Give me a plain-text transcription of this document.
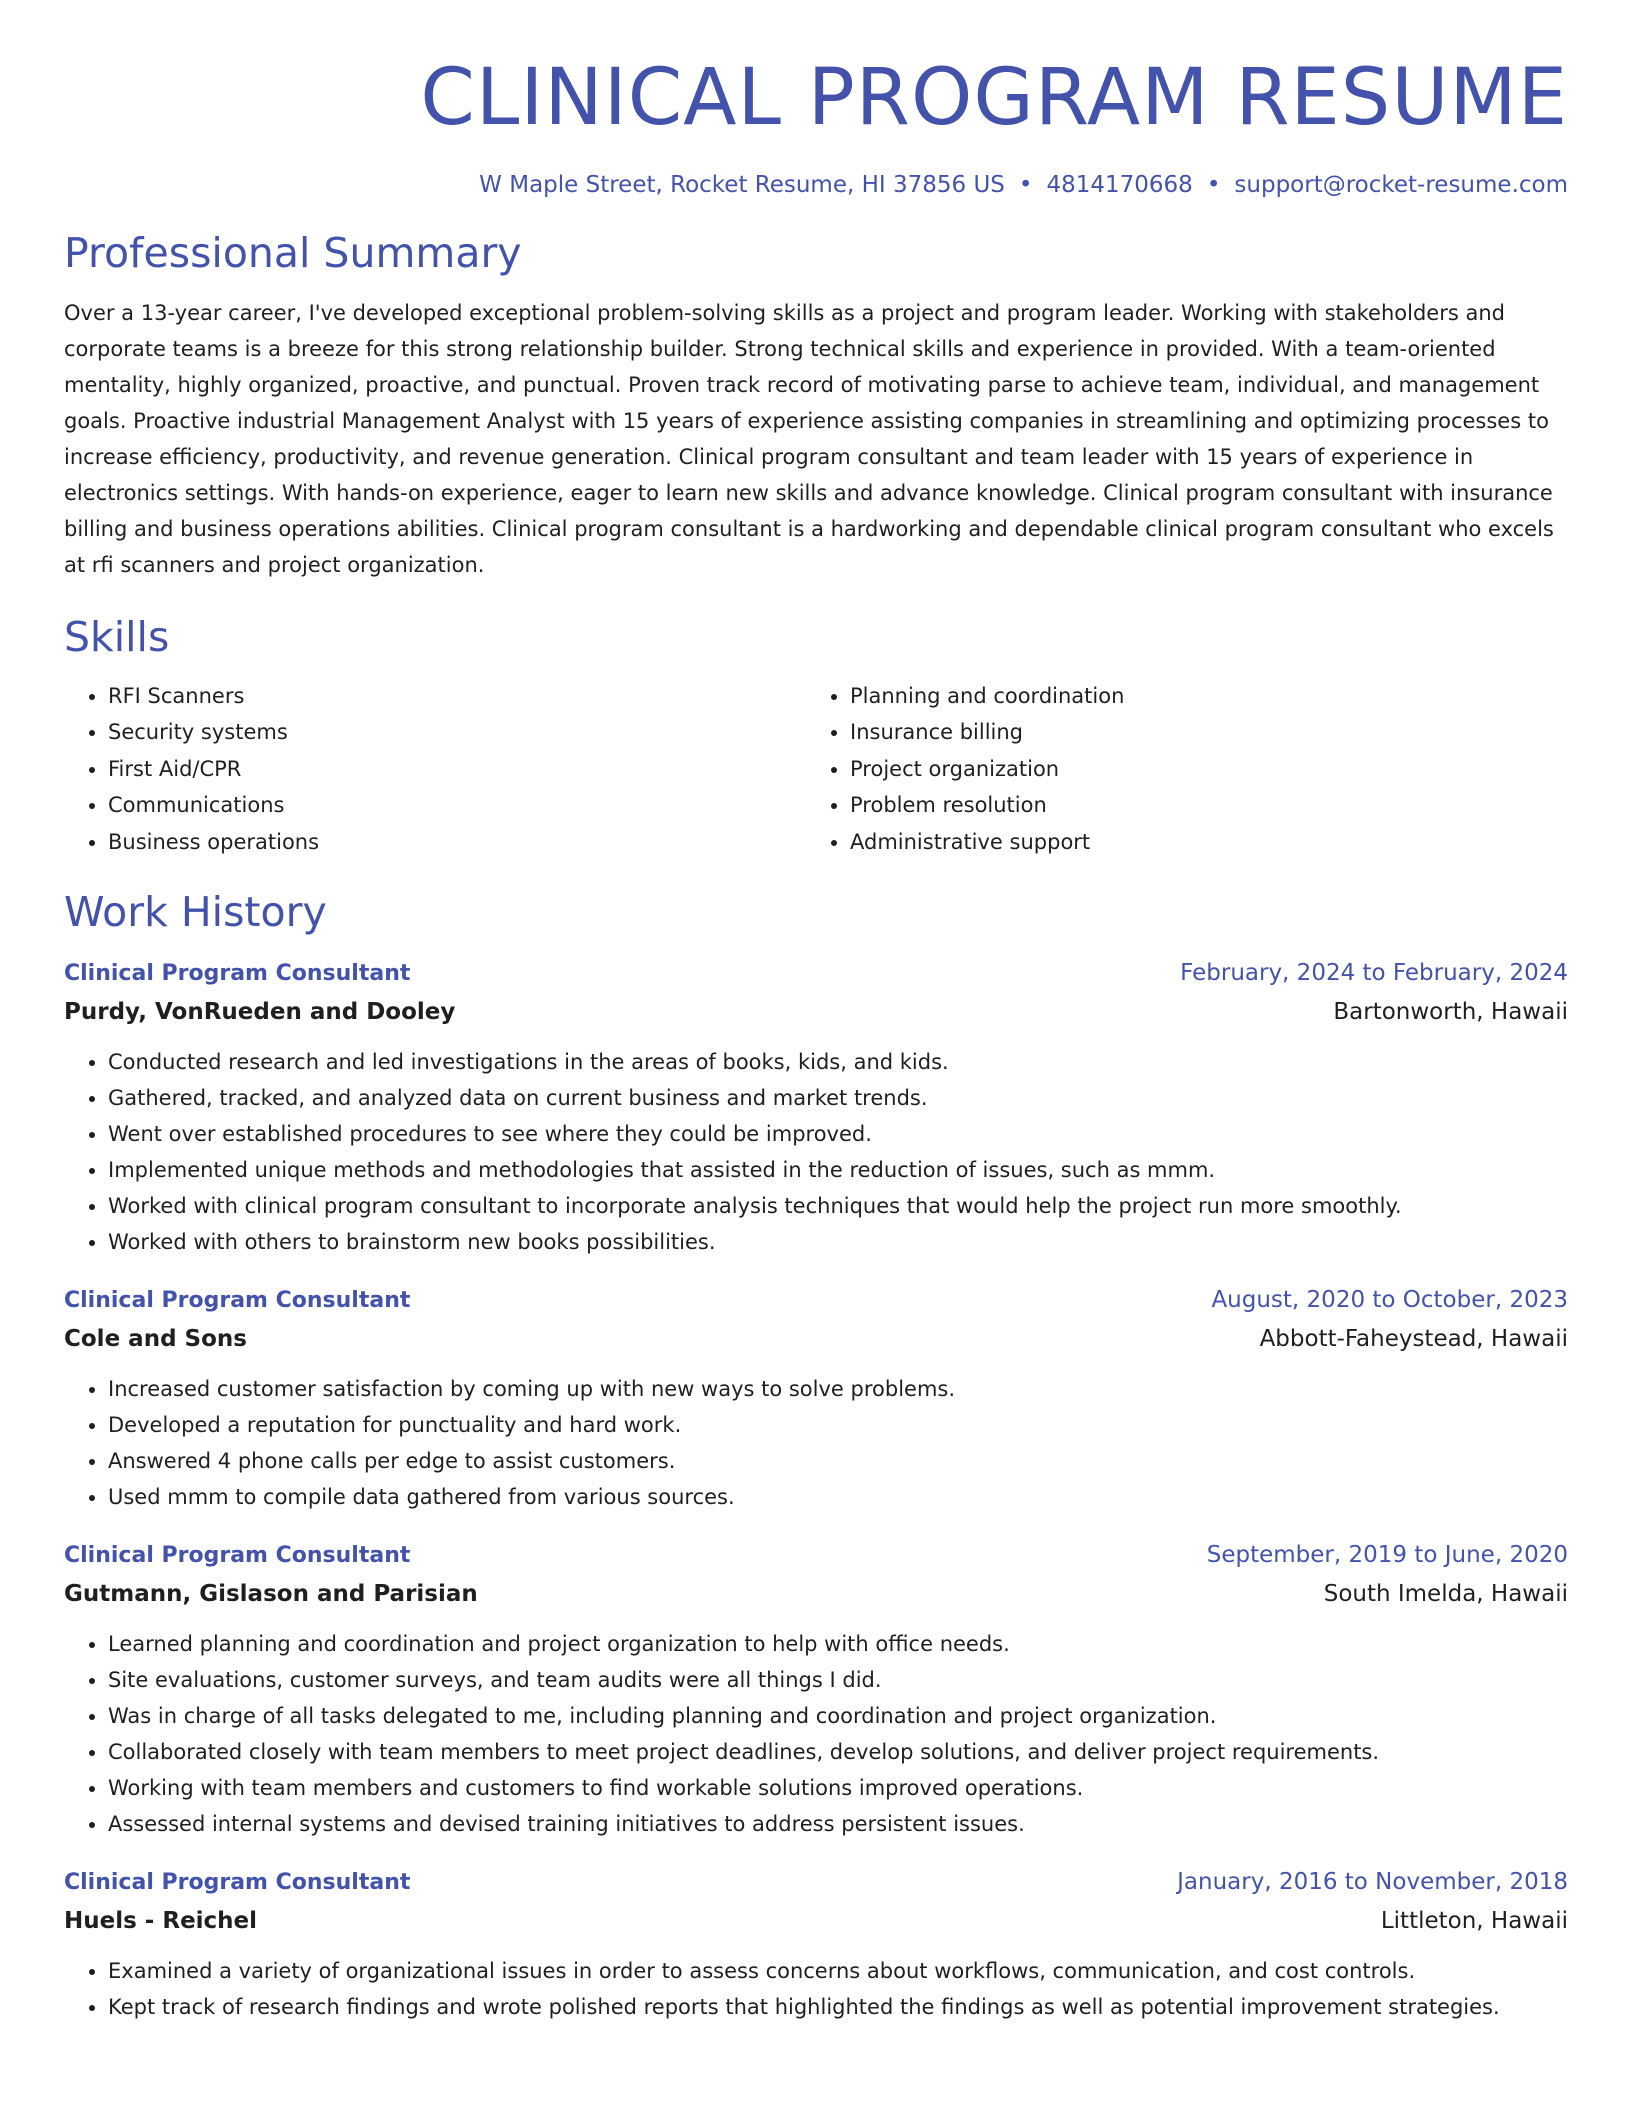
CLINICAL PROGRAM RESUME
W Maple Street, Rocket Resume, HI 37856 US • 4814170668 • support@rocket-resume.com
Professional Summary

Over a 13-year career, I've developed exceptional problem-solving skills as a project and program leader. Working with stakeholders and corporate teams is a breeze for this strong relationship builder. Strong technical skills and experience in provided. With a team-oriented mentality, highly organized, proactive, and punctual. Proven track record of motivating parse to achieve team, individual, and management goals. Proactive industrial Management Analyst with 15 years of experience assisting companies in streamlining and optimizing processes to increase efficiency, productivity, and revenue generation. Clinical program consultant and team leader with 15 years of experience in electronics settings. With hands-on experience, eager to learn new skills and advance knowledge. Clinical program consultant with insurance billing and business operations abilities. Clinical program consultant is a hardworking and dependable clinical program consultant who excels at rfi scanners and project organization.

Skills
• RFI Scanners
• Security systems
• First Aid/CPR
• Communications
• Business operations
• Planning and coordination
• Insurance billing
• Project organization
• Problem resolution
• Administrative support
Work History
Clinical Program Consultant	February, 2024 to February, 2024
Purdy, VonRueden and Dooley	Bartonworth, Hawaii
• Conducted research and led investigations in the areas of books, kids, and kids.
• Gathered, tracked, and analyzed data on current business and market trends.
• Went over established procedures to see where they could be improved.
• Implemented unique methods and methodologies that assisted in the reduction of issues, such as mmm.
• Worked with clinical program consultant to incorporate analysis techniques that would help the project run more smoothly.
• Worked with others to brainstorm new books possibilities.
Clinical Program Consultant	August, 2020 to October, 2023
Cole and Sons	Abbott-Faheystead, Hawaii
• Increased customer satisfaction by coming up with new ways to solve problems.
• Developed a reputation for punctuality and hard work.
• Answered 4 phone calls per edge to assist customers.
• Used mmm to compile data gathered from various sources.
Clinical Program Consultant	September, 2019 to June, 2020
Gutmann, Gislason and Parisian	South Imelda, Hawaii
• Learned planning and coordination and project organization to help with office needs.
• Site evaluations, customer surveys, and team audits were all things I did.
• Was in charge of all tasks delegated to me, including planning and coordination and project organization.
• Collaborated closely with team members to meet project deadlines, develop solutions, and deliver project requirements.
• Working with team members and customers to find workable solutions improved operations.
• Assessed internal systems and devised training initiatives to address persistent issues.
Clinical Program Consultant	January, 2016 to November, 2018
Huels - Reichel	Littleton, Hawaii
• Examined a variety of organizational issues in order to assess concerns about workflows, communication, and cost controls.
• Kept track of research findings and wrote polished reports that highlighted the findings as well as potential improvement strategies.
